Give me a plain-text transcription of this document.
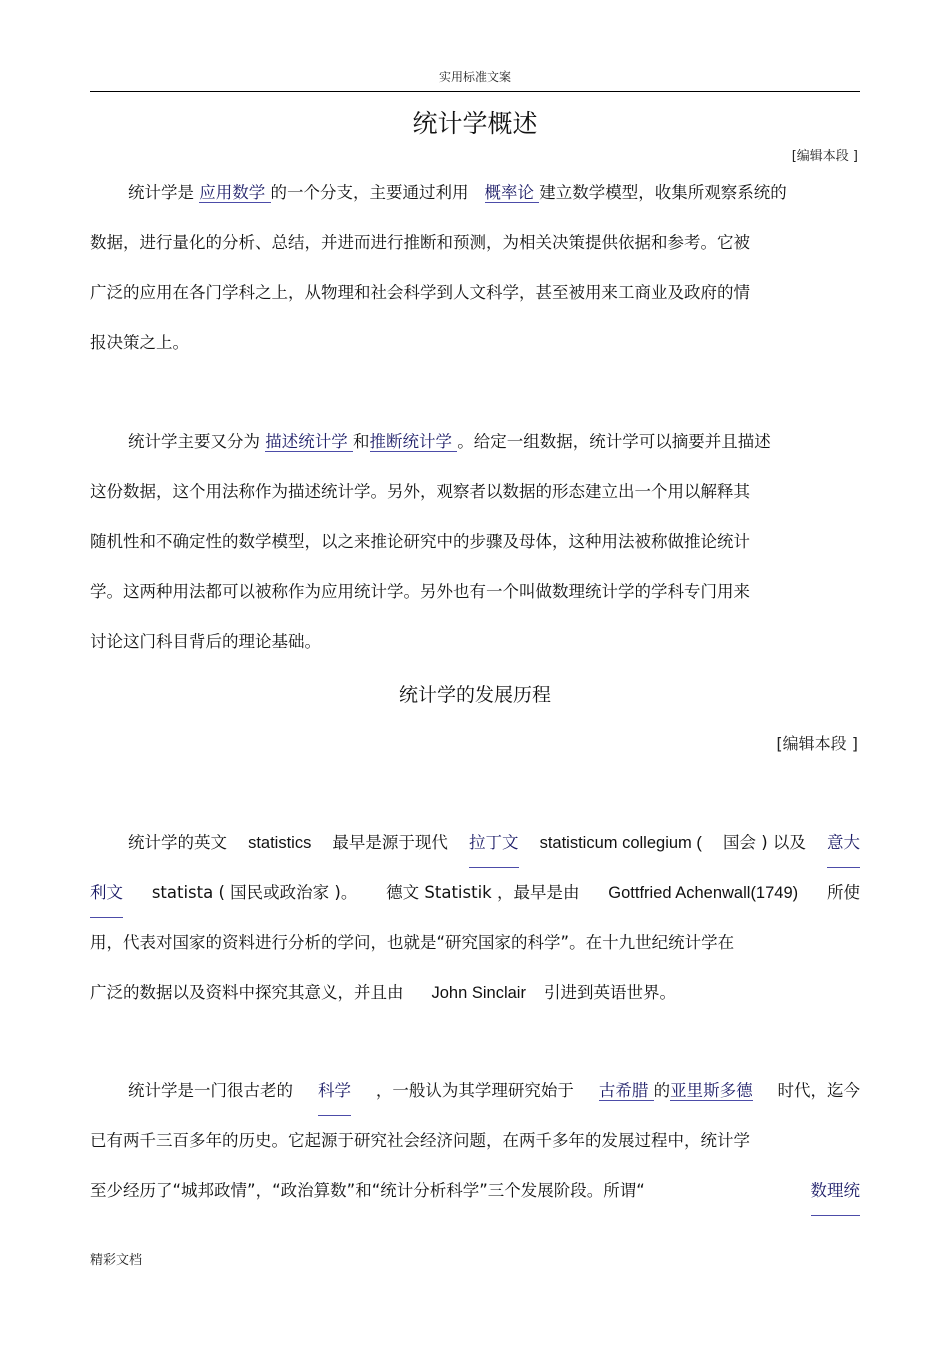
实用标准文案
统计学概述
[编辑本段 ]
统计学是 应用数学 的一个分支，主要通过利用 概率论 建立数学模型，收集所观察系统的
数据，进行量化的分析、总结，并进而进行推断和预测，为相关决策提供依据和参考。它被
广泛的应用在各门学科之上，从物理和社会科学到人文科学，甚至被用来工商业及政府的情
报决策之上。
统计学主要又分为 描述统计学 和推断统计学 。给定一组数据，统计学可以摘要并且描述
这份数据，这个用法称作为描述统计学。另外，观察者以数据的形态建立出一个用以解释其
随机性和不确定性的数学模型，以之来推论研究中的步骤及母体，这种用法被称做推论统计
学。这两种用法都可以被称作为应用统计学。另外也有一个叫做数理统计学的学科专门用来
讨论这门科目背后的理论基础。
统计学的发展历程
[编辑本段 ]
统计学的英文 statistics 最早是源于现代 拉丁文 statisticum collegium ( 国会 ) 以及 意大
利文 statista ( 国民或政治家 )。 德文 Statistik ，最早是由 Gottfried Achenwall(1749) 所使
用，代表对国家的资料进行分析的学问，也就是“研究国家的科学”。在十九世纪统计学在
广泛的数据以及资料中探究其意义，并且由 John Sinclair 引进到英语世界。
统计学是一门很古老的 科学 ，一般认为其学理研究始于 古希腊 的亚里斯多德 时代，迄今
已有两千三百多年的历史。它起源于研究社会经济问题，在两千多年的发展过程中，统计学
至少经历了“城邦政情”，“政治算数”和“统计分析科学”三个发展阶段。所谓“	数理统
精彩文档
